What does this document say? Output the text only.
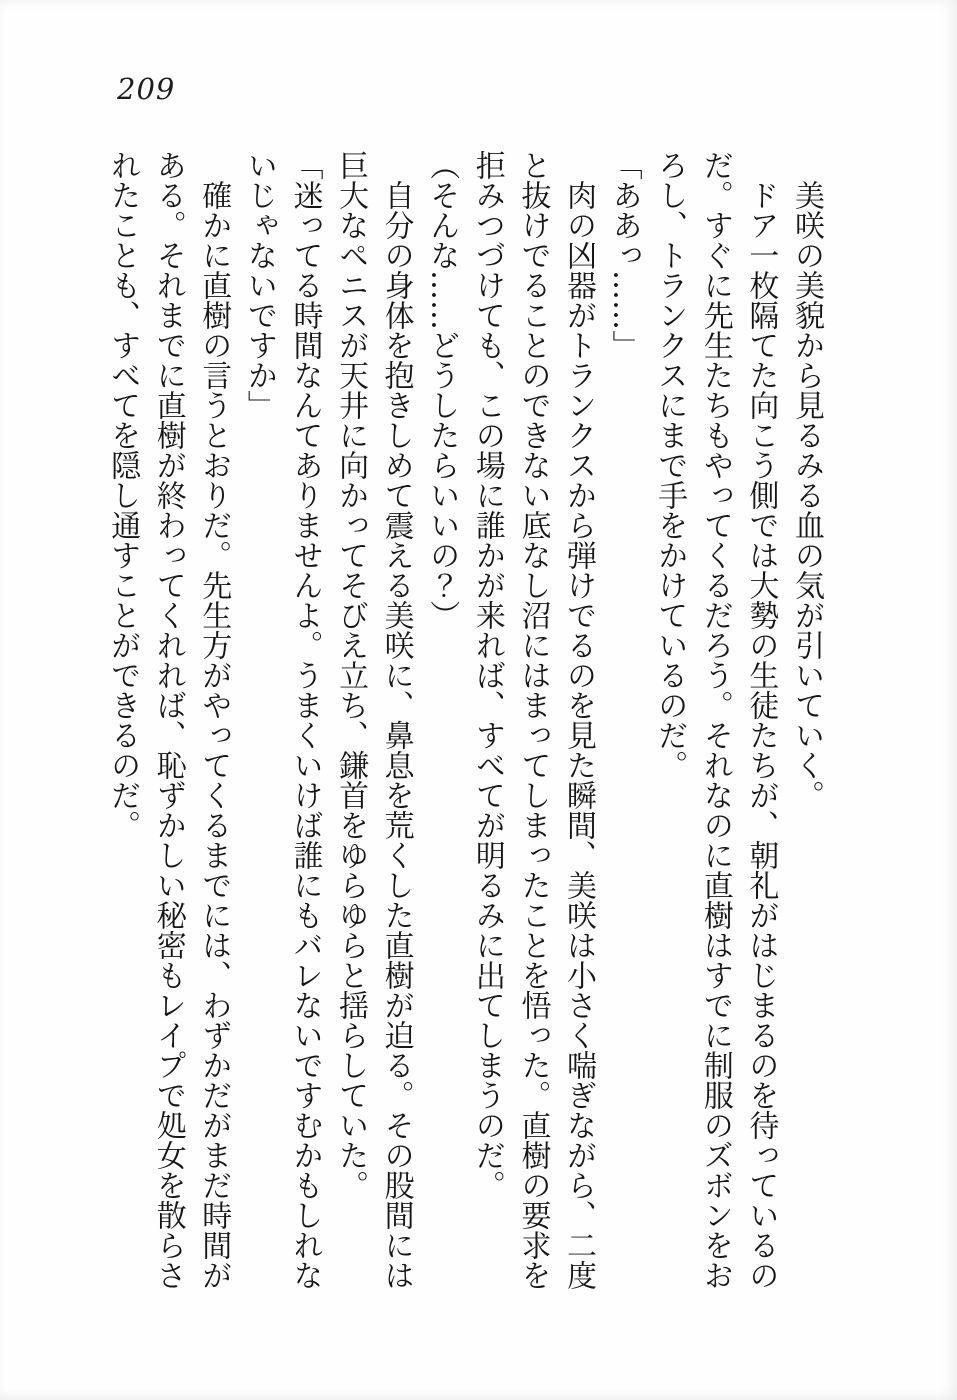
209

美咲の美貌から見るみる血の気が引いていく。

ドア一枚隔てた向こう側では大勢の生徒たちが、朝礼がはじまるのを待っているのだ。すぐに先生たちもやってくるだろう。それなのに直樹はすでに制服のズボンをおろし、トランクスにまで手をかけているのだ。

「ああっ……」

肉の凶器がトランクスから弾けでるのを見た瞬間、美咲は小さく喘ぎながら、二度と抜けでることのできない底なし沼にはまってしまったことを悟った。直樹の要求を拒みつづけても、この場に誰かが来れば、すべてが明るみに出てしまうのだ。

（そんな……どうしたらいいの？）

自分の身体を抱きしめて震える美咲に、鼻息を荒くした直樹が迫る。その股間には巨大なペニスが天井に向かってそびえ立ち、鎌首をゆらゆらと揺らしていた。

「迷ってる時間なんてありませんよ。うまくいけば誰にもバレないですむかもしれないじゃないですか」

確かに直樹の言うとおりだ。先生方がやってくるまでには、わずかだがまだ時間がある。それまでに直樹が終わってくれれば、恥ずかしい秘密もレイプで処女を散らされたことも、すべてを隠し通すことができるのだ。
